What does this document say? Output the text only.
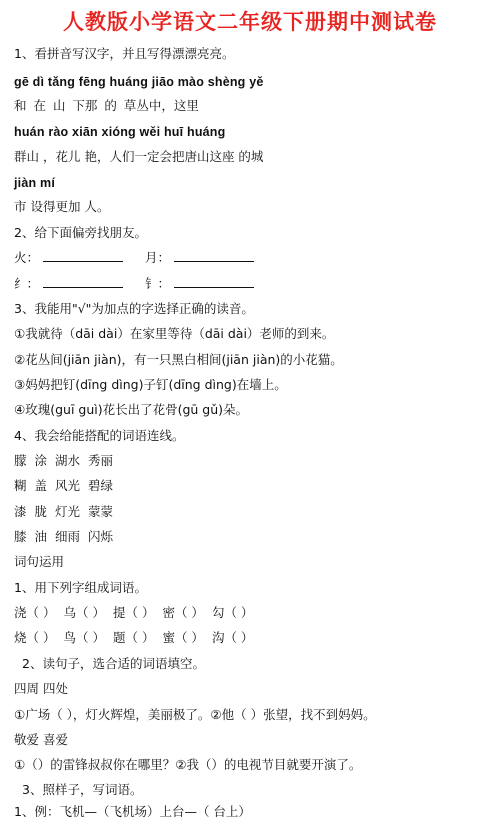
人教版小学语文二年级下册期中测试卷
1、看拼音写汉字，并且写得漂漂亮亮。
gē dì tǎng fēng huáng jiāo mào shèng yě
和 在 山 下那 的 草丛中，这里
huán rào xiān xióng wěi huī huáng
群山 ，花儿 艳，人们一定会把唐山这座 的城
jiàn mí
市 设得更加 人。
2、给下面偏旁找朋友。
火：	月：
纟：	钅：
3、我能用"√"为加点的字选择正确的读音。
①我就待（dāi dài）在家里等待（dāi dài）老师的到来。
②花丛间(jiān jiàn)，有一只黑白相间(jiān jiàn)的小花猫。
③妈妈把钉(dīng dìng)子钉(dīng dìng)在墙上。
④玫瑰(guī guì)花长出了花骨(gū gǔ)朵。
4、我会给能搭配的词语连线。
朦 涂 湖水 秀丽
糊 盖 风光 碧绿
漆 胧 灯光 蒙蒙
膝 油 细雨 闪烁
词句运用
1、用下列字组成词语。
浇（ ） 乌（ ） 提（ ） 密（ ） 勾（ ）
烧（ ） 鸟（ ） 题（ ） 蜜（ ） 沟（ ）
2、读句子，选合适的词语填空。
四周 四处
①广场（ ），灯火辉煌，美丽极了。②他（ ）张望，找不到妈妈。
敬爱 喜爱
①（）的雷锋叔叔你在哪里？②我（）的电视节目就要开演了。
3、照样子，写词语。
1、例：飞机—（飞机场）上台—（ 台上）
